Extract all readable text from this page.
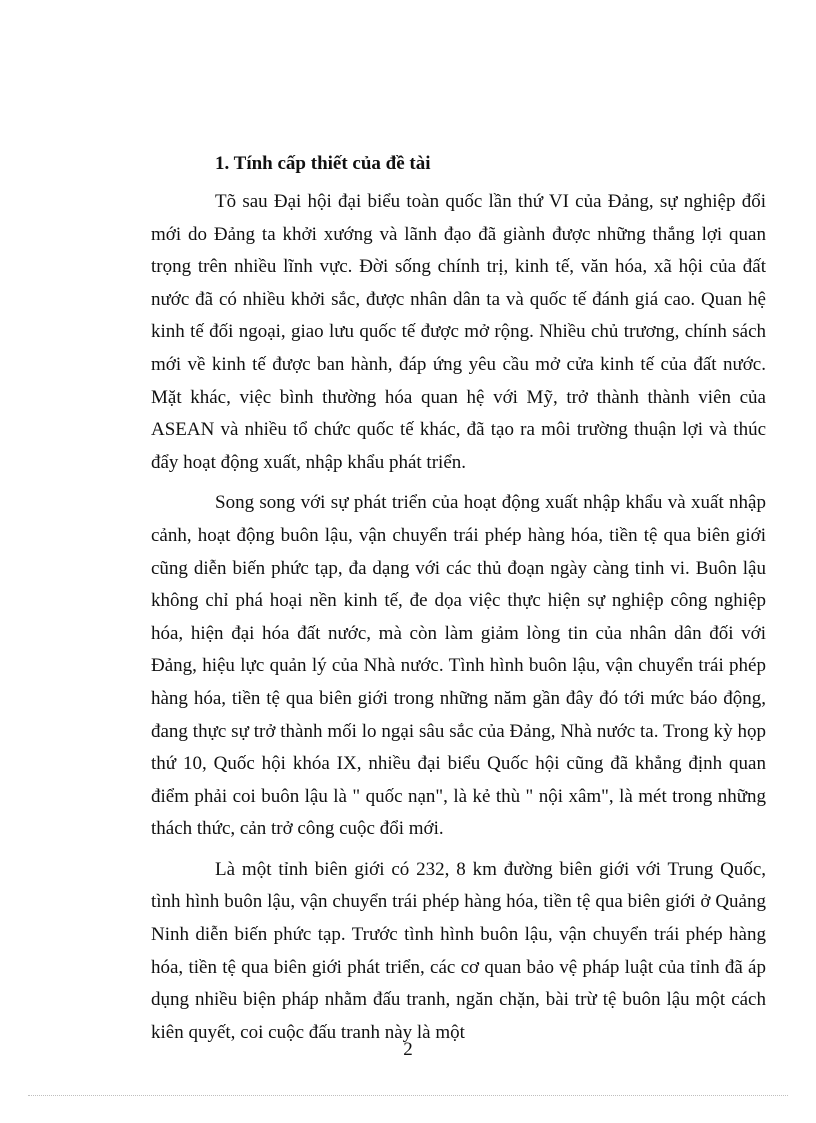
1. Tính cấp thiết của đề tài

Tõ sau Đại hội đại biểu toàn quốc lần thứ VI của Đảng, sự nghiệp đổi mới do Đảng ta khởi xướng và lãnh đạo đã giành được những thắng lợi quan trọng trên nhiều lĩnh vực. Đời sống chính trị, kinh tế, văn hóa, xã hội của đất nước đã có nhiều khởi sắc, được nhân dân ta và quốc tế đánh giá cao. Quan hệ kinh tế đối ngoại, giao lưu quốc tế được mở rộng. Nhiều chủ trương, chính sách mới về kinh tế được ban hành, đáp ứng yêu cầu mở cửa kinh tế của đất nước. Mặt khác, việc bình thường hóa quan hệ với Mỹ, trở thành thành viên của ASEAN và nhiều tổ chức quốc tế khác, đã tạo ra môi trường thuận lợi và thúc đẩy hoạt động xuất, nhập khẩu phát triển.

Song song với sự phát triển của hoạt động xuất nhập khẩu và xuất nhập cảnh, hoạt động buôn lậu, vận chuyển trái phép hàng hóa, tiền tệ qua biên giới cũng diễn biến phức tạp, đa dạng với các thủ đoạn ngày càng tinh vi. Buôn lậu không chỉ phá hoại nền kinh tế, đe dọa việc thực hiện sự nghiệp công nghiệp hóa, hiện đại hóa đất nước, mà còn làm giảm lòng tin của nhân dân đối với Đảng, hiệu lực quản lý của Nhà nước. Tình hình buôn lậu, vận chuyển trái phép hàng hóa, tiền tệ qua biên giới trong những năm gần đây đó tới mức báo động, đang thực sự trở thành mối lo ngại sâu sắc của Đảng, Nhà nước ta. Trong kỳ họp thứ 10, Quốc hội khóa IX, nhiều đại biểu Quốc hội cũng đã khẳng định quan điểm phải coi buôn lậu là " quốc nạn", là kẻ thù " nội xâm", là mét trong những thách thức, cản trở công cuộc đổi mới.

Là một tỉnh biên giới có 232, 8 km đường biên giới với Trung Quốc, tình hình buôn lậu, vận chuyển trái phép hàng hóa, tiền tệ qua biên giới ở Quảng Ninh diễn biến phức tạp. Trước tình hình buôn lậu, vận chuyển trái phép hàng hóa, tiền tệ qua biên giới phát triển, các cơ quan bảo vệ pháp luật của tỉnh đã áp dụng nhiều biện pháp nhằm đấu tranh, ngăn chặn, bài trừ tệ buôn lậu một cách kiên quyết, coi cuộc đấu tranh này là một

2
